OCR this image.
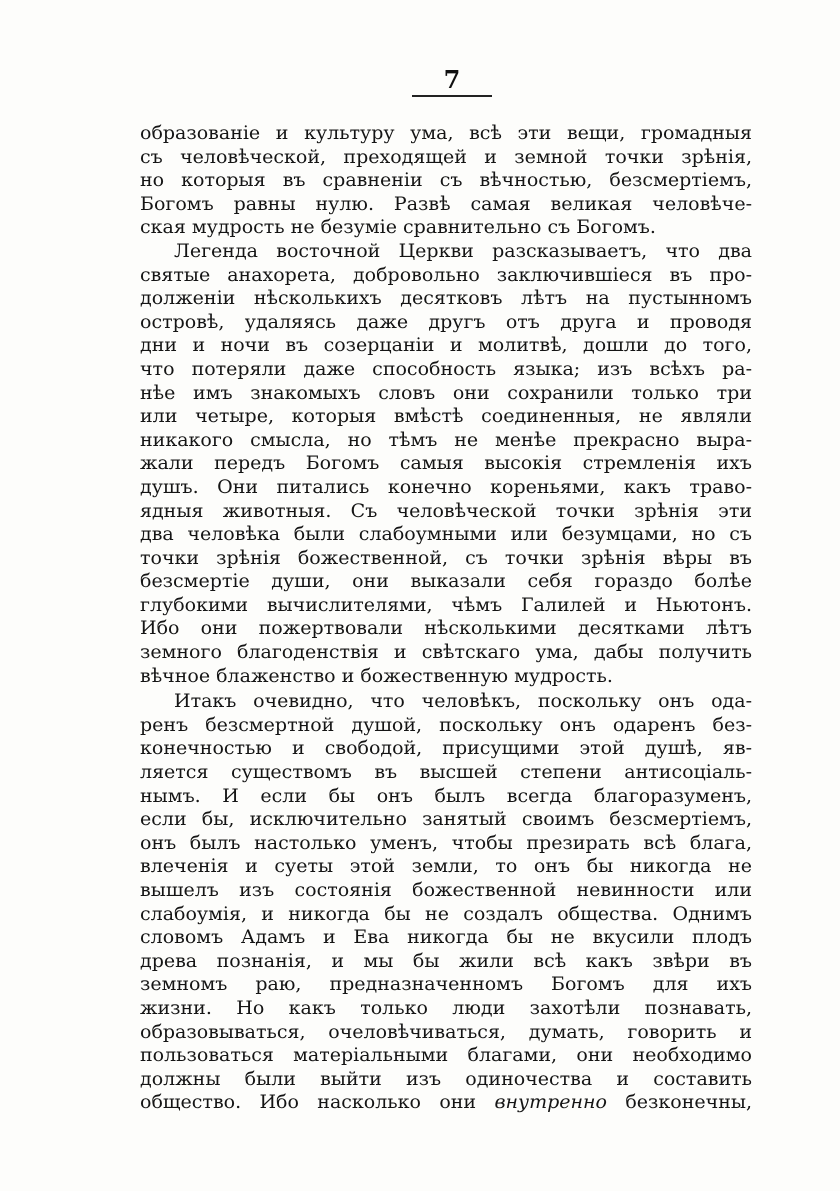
7
образованіе и культуру ума, всѣ эти вещи, громадныя
съ человѣческой, преходящей и земной точки зрѣнія,
но которыя въ сравненіи съ вѣчностью, безсмертіемъ,
Богомъ равны нулю. Развѣ самая великая человѣче-
ская мудрость не безуміе сравнительно съ Богомъ.
Легенда восточной Церкви разсказываетъ, что два
святые анахорета, добровольно заключившіеся въ про-
долженіи нѣсколькихъ десятковъ лѣтъ на пустынномъ
островѣ, удаляясь даже другъ отъ друга и проводя
дни и ночи въ созерцаніи и молитвѣ, дошли до того,
что потеряли даже способность языка; изъ всѣхъ ра-
нѣе имъ знакомыхъ словъ они сохранили только три
или четыре, которыя вмѣстѣ соединенныя, не являли
никакого смысла, но тѣмъ не менѣе прекрасно выра-
жали передъ Богомъ самыя высокія стремленія ихъ
душъ. Они питались конечно кореньями, какъ траво-
ядныя животныя. Съ человѣческой точки зрѣнія эти
два человѣка были слабоумными или безумцами, но съ
точки зрѣнія божественной, съ точки зрѣнія вѣры въ
безсмертіе души, они выказали себя гораздо болѣе
глубокими вычислителями, чѣмъ Галилей и Ньютонъ.
Ибо они пожертвовали нѣсколькими десятками лѣтъ
земного благоденствія и свѣтскаго ума, дабы получить
вѣчное блаженство и божественную мудрость.
Итакъ очевидно, что человѣкъ, поскольку онъ ода-
ренъ безсмертной душой, поскольку онъ одаренъ без-
конечностью и свободой, присущими этой душѣ, яв-
ляется существомъ въ высшей степени антисоціаль-
нымъ. И если бы онъ былъ всегда благоразуменъ,
если бы, исключительно занятый своимъ безсмертіемъ,
онъ былъ настолько уменъ, чтобы презирать всѣ блага,
влеченія и суеты этой земли, то онъ бы никогда не
вышелъ изъ состоянія божественной невинности или
слабоумія, и никогда бы не создалъ общества. Однимъ
словомъ Адамъ и Ева никогда бы не вкусили плодъ
древа познанія, и мы бы жили всѣ какъ звѣри въ
земномъ раю, предназначенномъ Богомъ для ихъ
жизни. Но какъ только люди захотѣли познавать,
образовываться, очеловѣчиваться, думать, говорить и
пользоваться матеріальными благами, они необходимо
должны были выйти изъ одиночества и составить
общество. Ибо насколько они внутренно безконечны,
